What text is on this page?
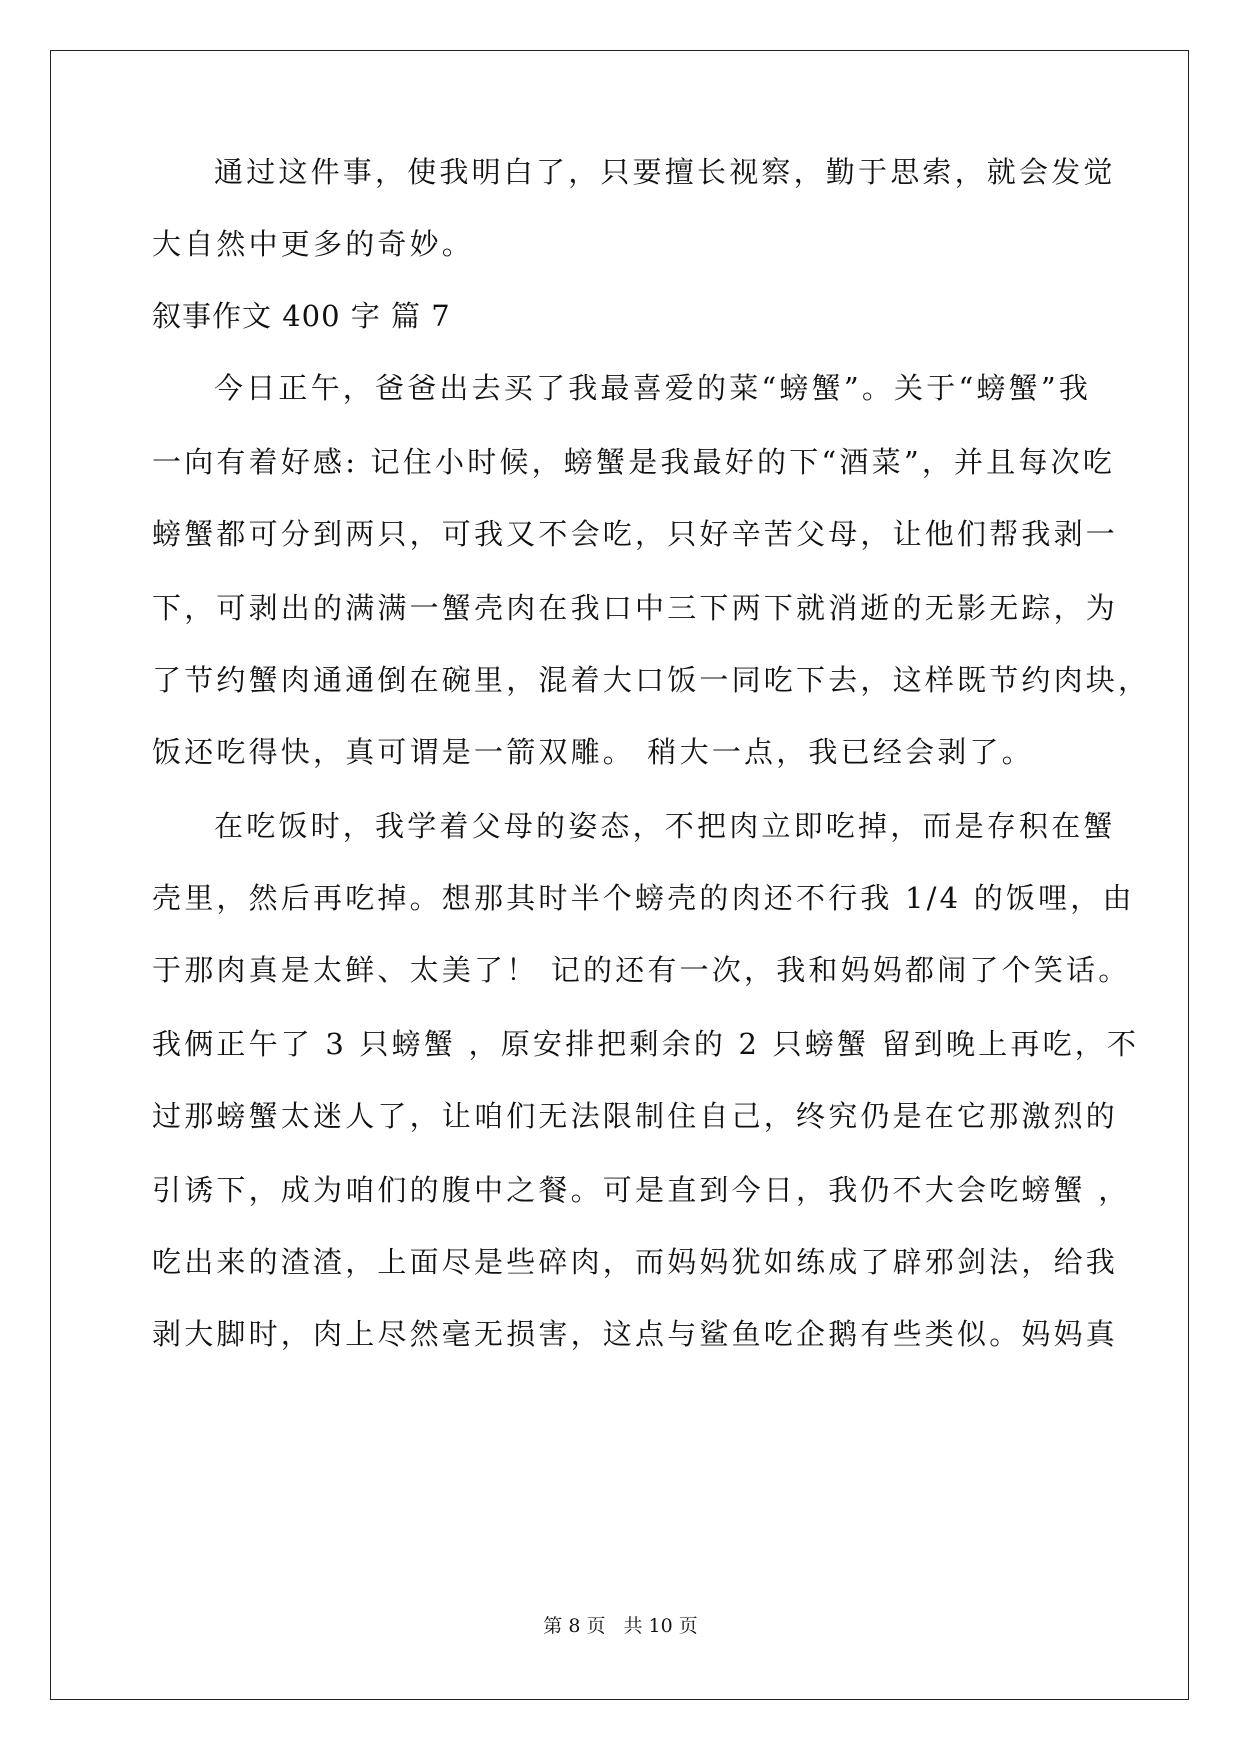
通过这件事，使我明白了，只要擅长视察，勤于思索，就会发觉
大自然中更多的奇妙。
叙事作文 400 字 篇 7
今日正午，爸爸出去买了我最喜爱的菜“螃蟹”。关于“螃蟹”我
一向有着好感: 记住小时候，螃蟹是我最好的下“酒菜”，并且每次吃
螃蟹都可分到两只，可我又不会吃，只好辛苦父母，让他们帮我剥一
下，可剥出的满满一蟹壳肉在我口中三下两下就消逝的无影无踪，为
了节约蟹肉通通倒在碗里，混着大口饭一同吃下去，这样既节约肉块，
饭还吃得快，真可谓是一箭双雕。 稍大一点，我已经会剥了。
在吃饭时，我学着父母的姿态，不把肉立即吃掉，而是存积在蟹
壳里，然后再吃掉。想那其时半个螃壳的肉还不行我 1/4 的饭哩，由
于那肉真是太鲜、太美了！ 记的还有一次，我和妈妈都闹了个笑话。
我俩正午了 3 只螃蟹 ，原安排把剩余的 2 只螃蟹 留到晚上再吃，不
过那螃蟹太迷人了，让咱们无法限制住自己，终究仍是在它那激烈的
引诱下，成为咱们的腹中之餐。可是直到今日，我仍不大会吃螃蟹 ，
吃出来的渣渣，上面尽是些碎肉，而妈妈犹如练成了辟邪剑法，给我
剥大脚时，肉上尽然毫无损害，这点与鲨鱼吃企鹅有些类似。妈妈真
第 8 页 共 10 页
